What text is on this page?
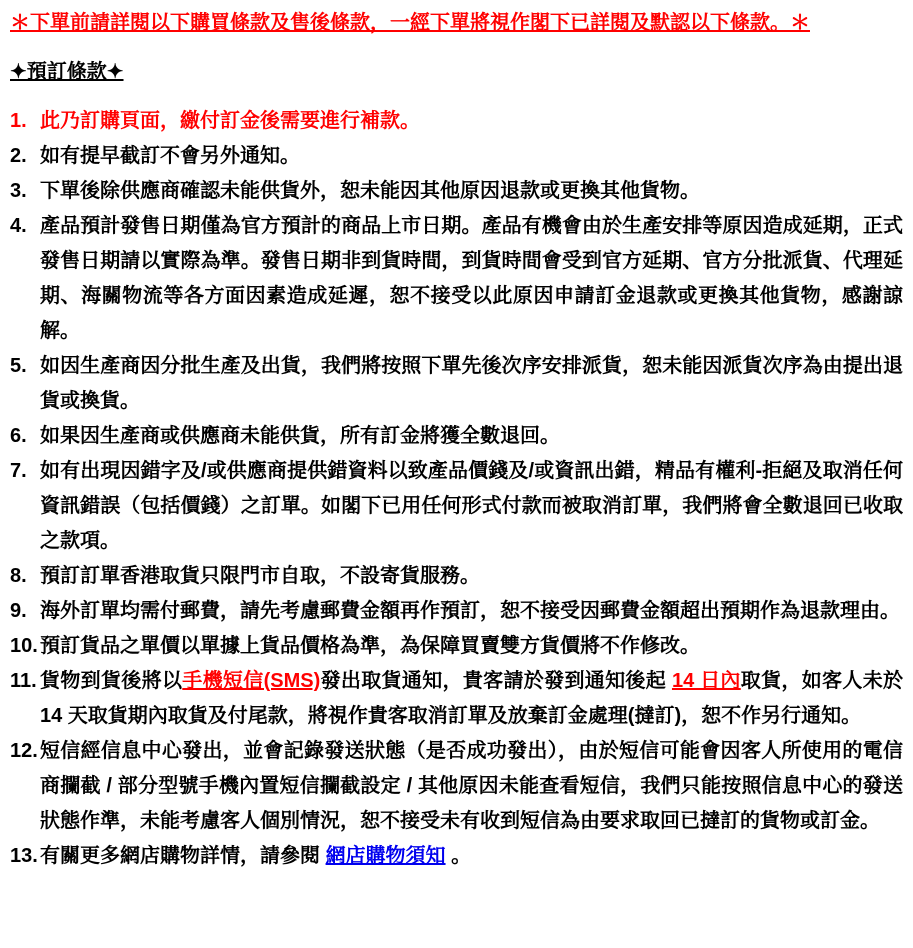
＊下單前請詳閱以下購買條款及售後條款，一經下單將視作閣下已詳閱及默認以下條款。＊
✦預訂條款✦
1. 此乃訂購頁面，繳付訂金後需要進行補款。
2. 如有提早截訂不會另外通知。
3. 下單後除供應商確認未能供貨外，恕未能因其他原因退款或更換其他貨物。
4. 產品預計發售日期僅為官方預計的商品上市日期。產品有機會由於生產安排等原因造成延期，正式發售日期請以實際為準。發售日期非到貨時間，到貨時間會受到官方延期、官方分批派貨、代理延期、海關物流等各方面因素造成延遲，恕不接受以此原因申請訂金退款或更換其他貨物，感謝諒解。
5. 如因生產商因分批生產及出貨，我們將按照下單先後次序安排派貨，恕未能因派貨次序為由提出退貨或換貨。
6. 如果因生產商或供應商未能供貨，所有訂金將獲全數退回。
7. 如有出現因錯字及/或供應商提供錯資料以致產品價錢及/或資訊出錯，精品有權利-拒絕及取消任何資訊錯誤（包括價錢）之訂單。如閣下已用任何形式付款而被取消訂單，我們將會全數退回已收取之款項。
8. 預訂訂單香港取貨只限門市自取，不設寄貨服務。
9. 海外訂單均需付郵費，請先考慮郵費金額再作預訂，恕不接受因郵費金額超出預期作為退款理由。
10. 預訂貨品之單價以單據上貨品價格為準，為保障買賣雙方貨價將不作修改。
11. 貨物到貨後將以手機短信(SMS)發出取貨通知，貴客請於發到通知後起 14 日內取貨，如客人未於 14 天取貨期內取貨及付尾款，將視作貴客取消訂單及放棄訂金處理(撻訂)，恕不作另行通知。
12. 短信經信息中心發出，並會記錄發送狀態（是否成功發出），由於短信可能會因客人所使用的電信商攔截 / 部分型號手機內置短信攔截設定 / 其他原因未能查看短信，我們只能按照信息中心的發送狀態作準，未能考慮客人個別情況，恕不接受未有收到短信為由要求取回已撻訂的貨物或訂金。
13. 有關更多網店購物詳情，請參閱 網店購物須知 。
